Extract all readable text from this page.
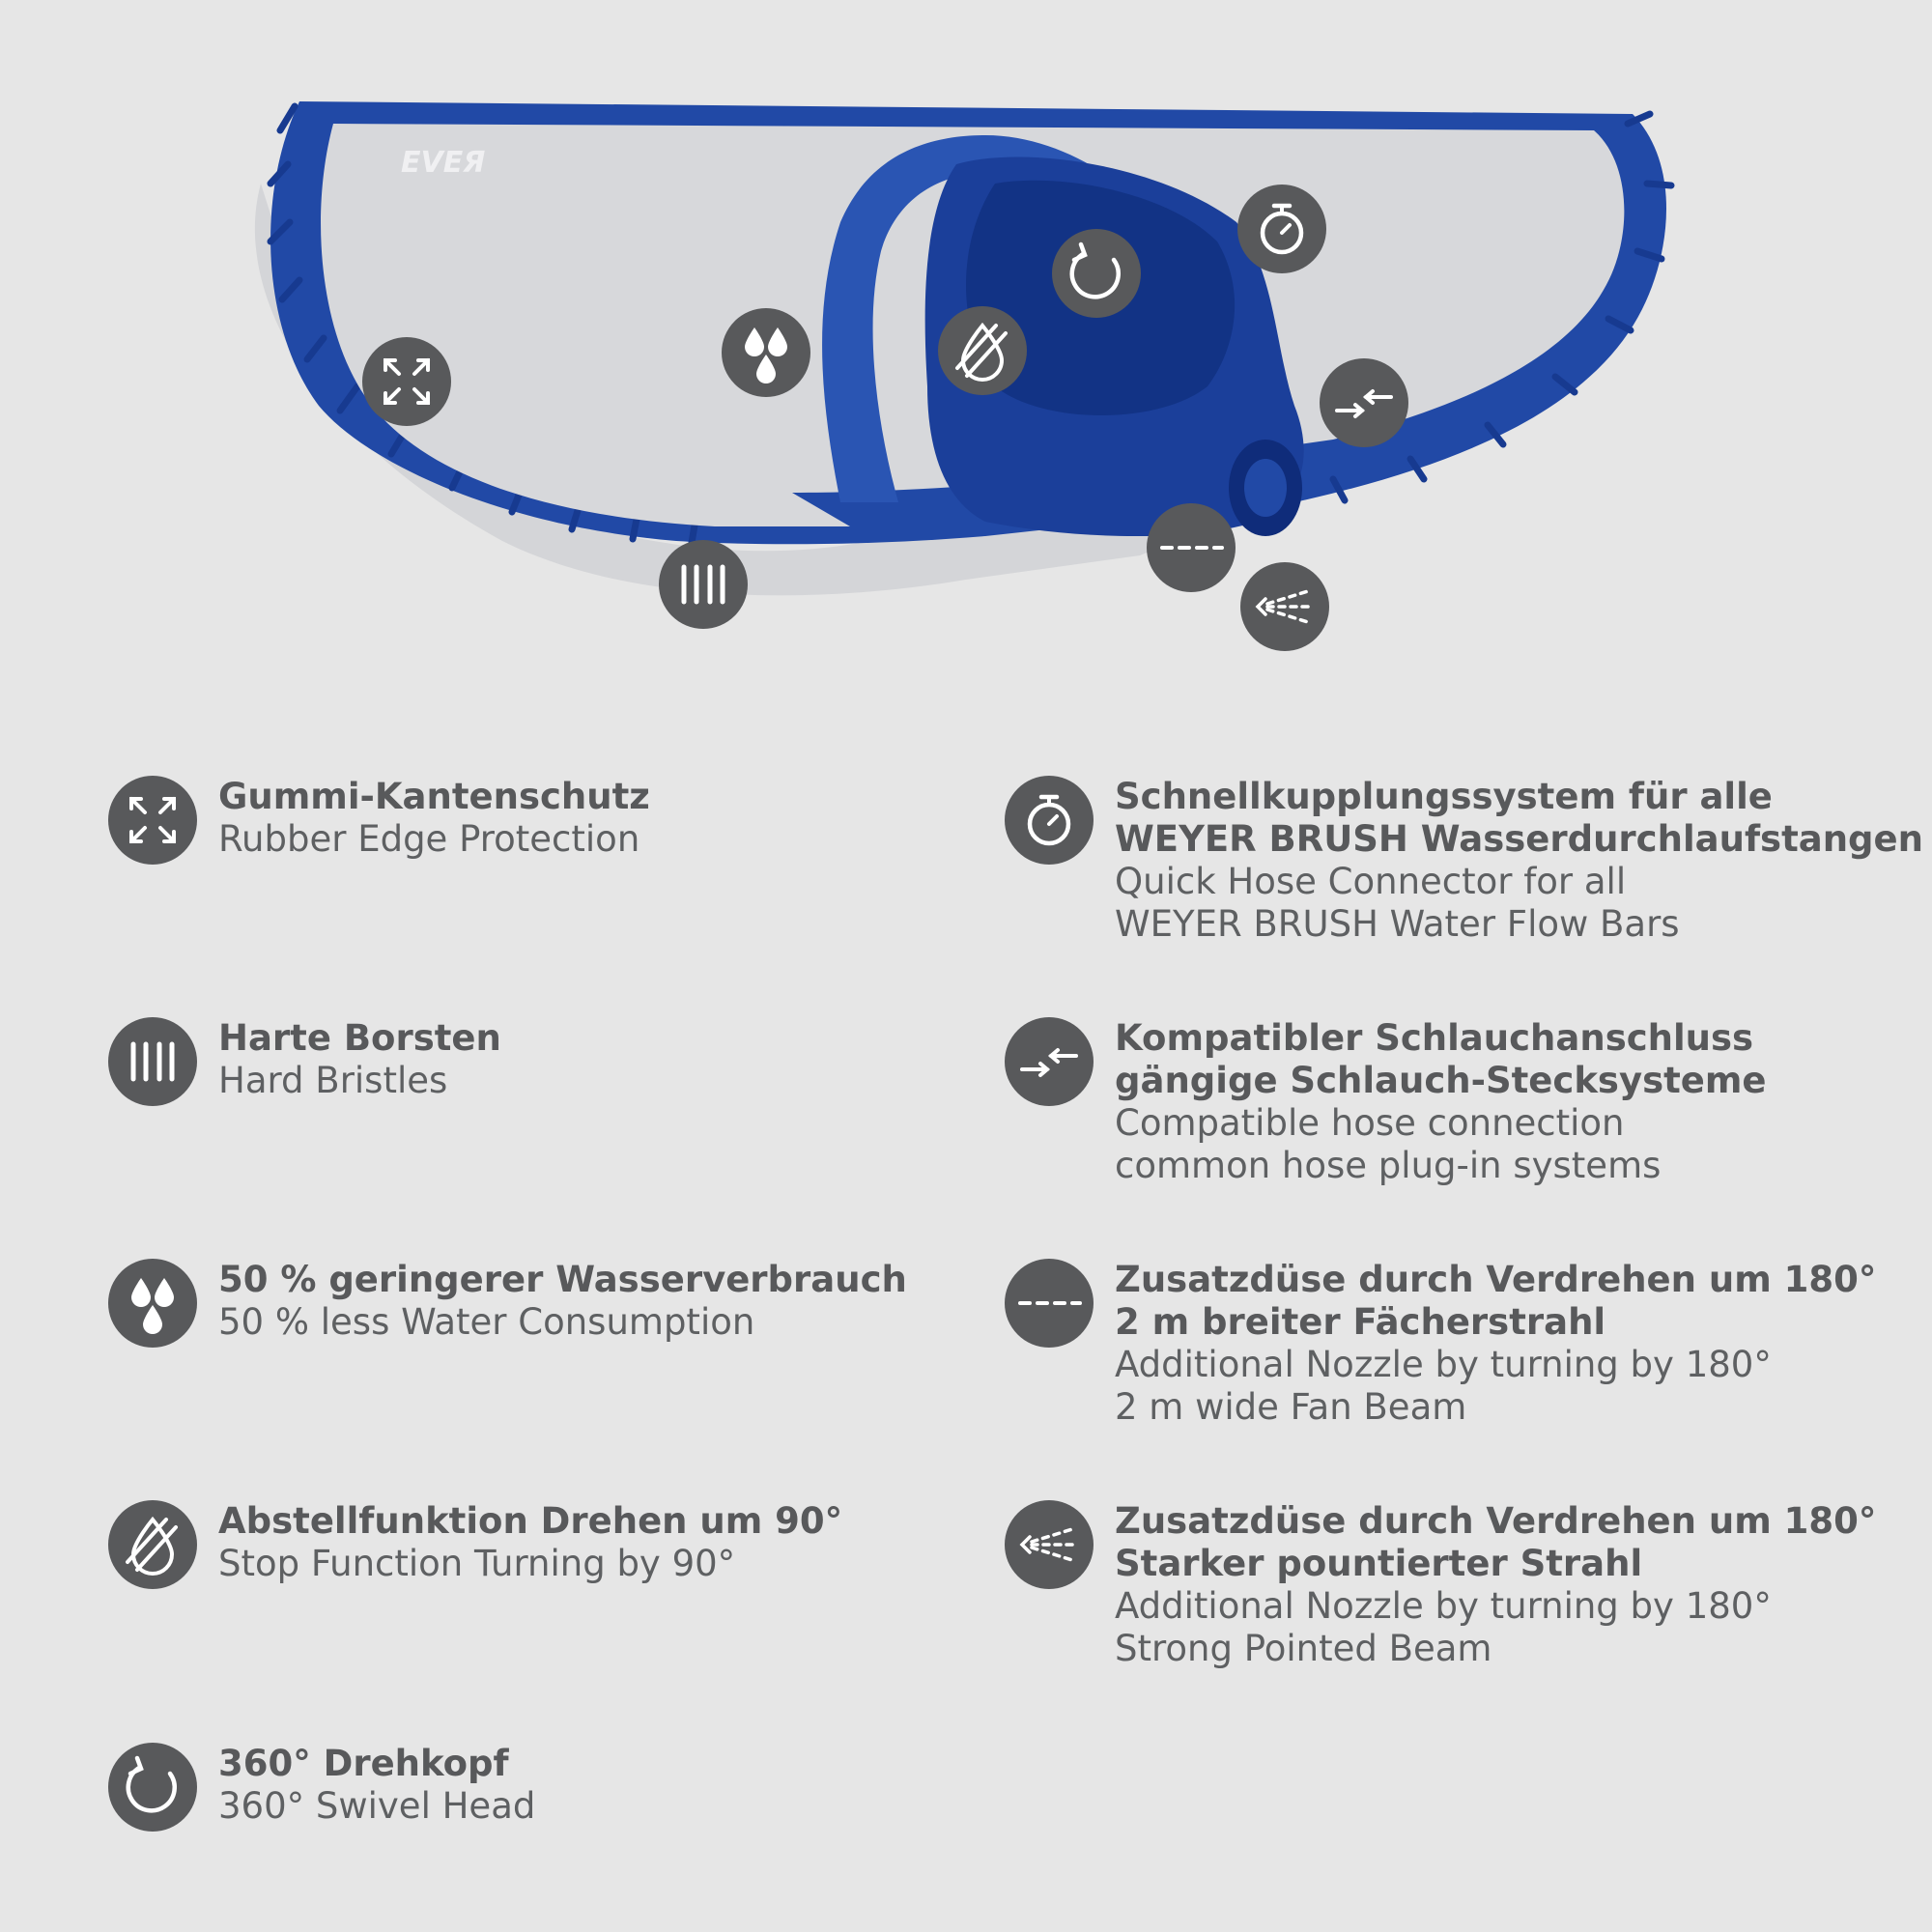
EVEЯ
Gummi-Kantenschutz
Rubber Edge Protection
Harte Borsten
Hard Bristles
50 % geringerer Wasserverbrauch
50 % less Water Consumption
Abstellfunktion Drehen um 90°
Stop Function Turning by 90°
360° Drehkopf
360° Swivel Head
Schnellkupplungssystem für alle
WEYER BRUSH Wasserdurchlaufstangen
Quick Hose Connector for all
WEYER BRUSH Water Flow Bars
Kompatibler Schlauchanschluss
gängige Schlauch-Stecksysteme
Compatible hose connection
common hose plug-in systems
Zusatzdüse durch Verdrehen um 180°
2 m breiter Fächerstrahl
Additional Nozzle by turning by 180°
2 m wide Fan Beam
Zusatzdüse durch Verdrehen um 180°
Starker pountierter Strahl
Additional Nozzle by turning by 180°
Strong Pointed Beam
